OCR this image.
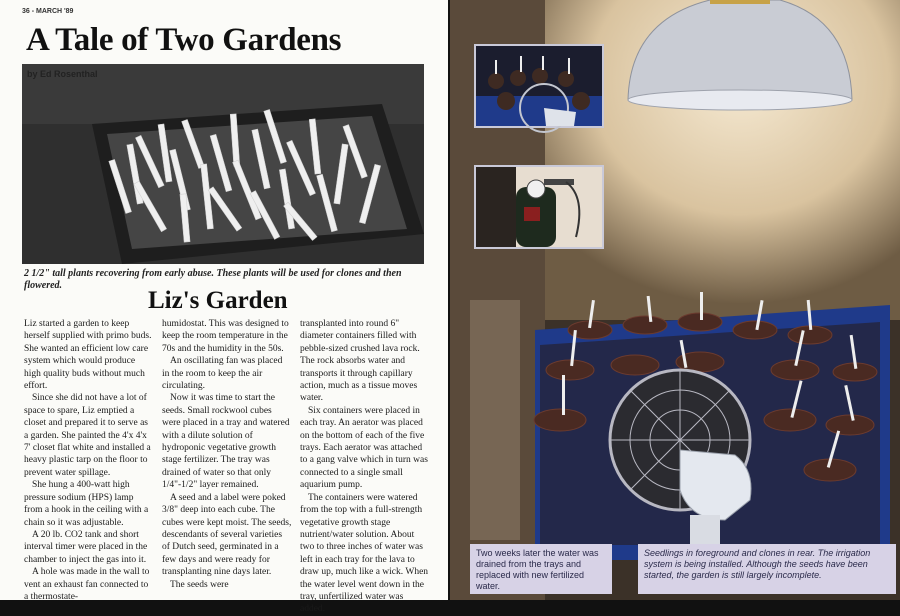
36 - MARCH '89
A Tale of Two Gardens
by Ed Rosenthal
2 1/2" tall plants recovering from early abuse. These plants will be used for clones and then flowered.
Liz's Garden

Liz started a garden to keep herself supplied with primo buds. She wanted an efficient low care system which would produce high quality buds without much effort.

Since she did not have a lot of space to spare, Liz emptied a closet and prepared it to serve as a garden. She painted the 4'x 4'x 7' closet flat white and installed a heavy plastic tarp on the floor to prevent water spillage.

She hung a 400-watt high pressure sodium (HPS) lamp from a hook in the ceiling with a chain so it was adjustable.

A 20 lb. CO2 tank and short interval timer were placed in the chamber to inject the gas into it.

A hole was made in the wall to vent an exhaust fan connected to a thermostate-

humidostat. This was designed to keep the room temperature in the 70s and the humidity in the 50s.

An oscillating fan was placed in the room to keep the air circulating.

Now it was time to start the seeds. Small rockwool cubes were placed in a tray and watered with a dilute solution of hydroponic vegetative growth stage fertilizer. The tray was drained of water so that only 1/4"-1/2" layer remained.

A seed and a label were poked 3/8" deep into each cube. The cubes were kept moist. The seeds, descendants of several varieties of Dutch seed, germinated in a few days and were ready for transplanting nine days later.

The seeds were

transplanted into round 6" diameter containers filled with pebble-sized crushed lava rock. The rock absorbs water and transports it through capillary action, much as a tissue moves water.

Six containers were placed in each tray. An aerator was placed on the bottom of each of the five trays. Each aerator was attached to a gang valve which in turn was connected to a single small aquarium pump.

The containers were watered from the top with a full-strength vegetative growth stage nutrient/water solution. About two to three inches of water was left in each tray for the lava to draw up, much like a wick. When the water level went down in the tray, unfertilized water was added.

Two weeks later the water was drained from the trays and replaced with new fertilized water.
Seedlings in foreground and clones in rear. The irrigation system is being installed. Although the seeds have been started, the garden is still largely incomplete.
